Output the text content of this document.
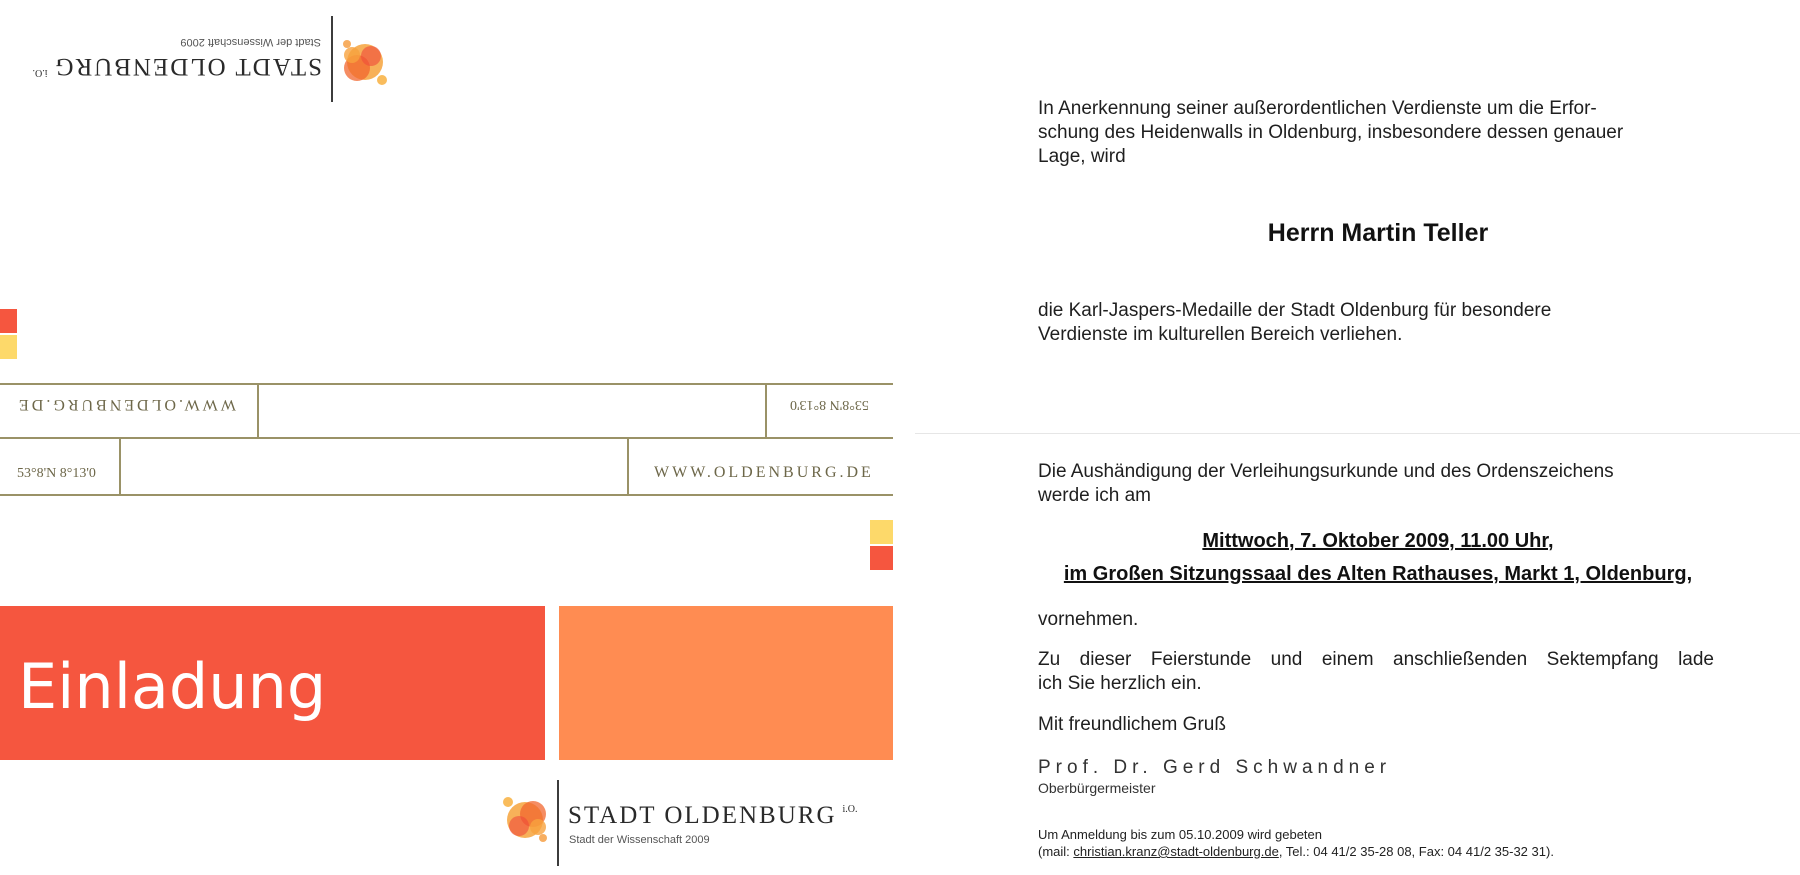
STADT $OLDENBURG^{i.O.}$
Stadt der Wissenschaft 2009
WWW.OLDENBURG.DE	53°8'N 8°13'0
53°8'N 8°13'0	WWW.OLDENBURG.DE
Einladung
STADT OLDENBURG $^{i.O.}$
Stadt der Wissenschaft 2009
In Anerkennung seiner außerordentlichen Verdienste um die Erfor-
schung des Heidenwalls in Oldenburg, insbesondere dessen genauer
Lage, wird
Herrn Martin Teller
die Karl-Jaspers-Medaille der Stadt Oldenburg für besondere
Verdienste im kulturellen Bereich verliehen.
Die Aushändigung der Verleihungsurkunde und des Ordenszeichens
werde ich am
Mittwoch, 7. Oktober 2009, 11.00 Uhr,
im Großen Sitzungssaal des Alten Rathauses, Markt 1, Oldenburg,
vornehmen.
Zu dieser Feierstunde und einem anschließenden Sektempfang lade
ich Sie herzlich ein.
Mit freundlichem Gruß
Prof. Dr. Gerd Schwandner
Oberbürgermeister
Um Anmeldung bis zum 05.10.2009 wird gebeten
(mail: christian.kranz@stadt-oldenburg.de, Tel.: 04 41/2 35-28 08, Fax: 04 41/2 35-32 31).
